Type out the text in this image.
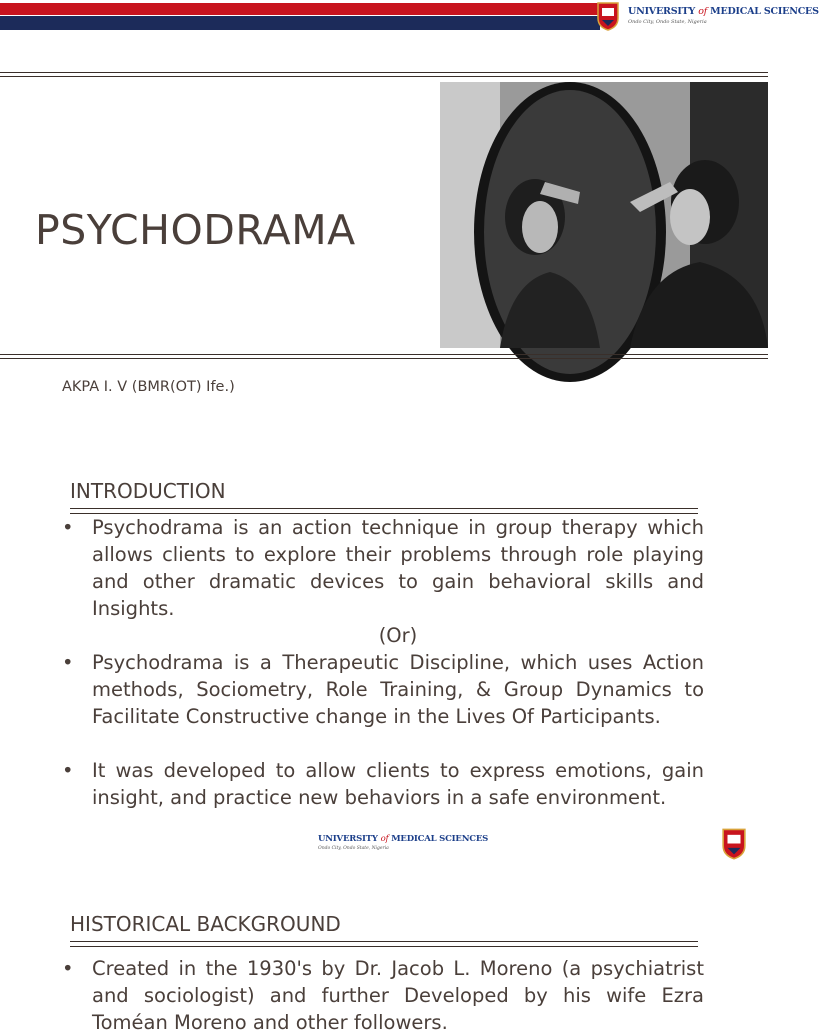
UNIVERSITY of MEDICAL SCIENCES
Ondo City, Ondo State, Nigeria
PSYCHODRAMA
AKPA I. V (BMR(OT) Ife.)
INTRODUCTION
• Psychodrama is an action technique in group therapy which allows clients to explore their problems through role playing and other dramatic devices to gain behavioral skills and Insights.
(Or)
• Psychodrama is a Therapeutic Discipline, which uses Action methods, Sociometry, Role Training, & Group Dynamics to Facilitate Constructive change in the Lives Of Participants.
• It was developed to allow clients to express emotions, gain insight, and practice new behaviors in a safe environment.
UNIVERSITY of MEDICAL SCIENCES
Ondo City, Ondo State, Nigeria
HISTORICAL BACKGROUND
• Created in the 1930's by Dr. Jacob L. Moreno (a psychiatrist and sociologist) and further Developed by his wife Ezra Toméan Moreno and other followers.
